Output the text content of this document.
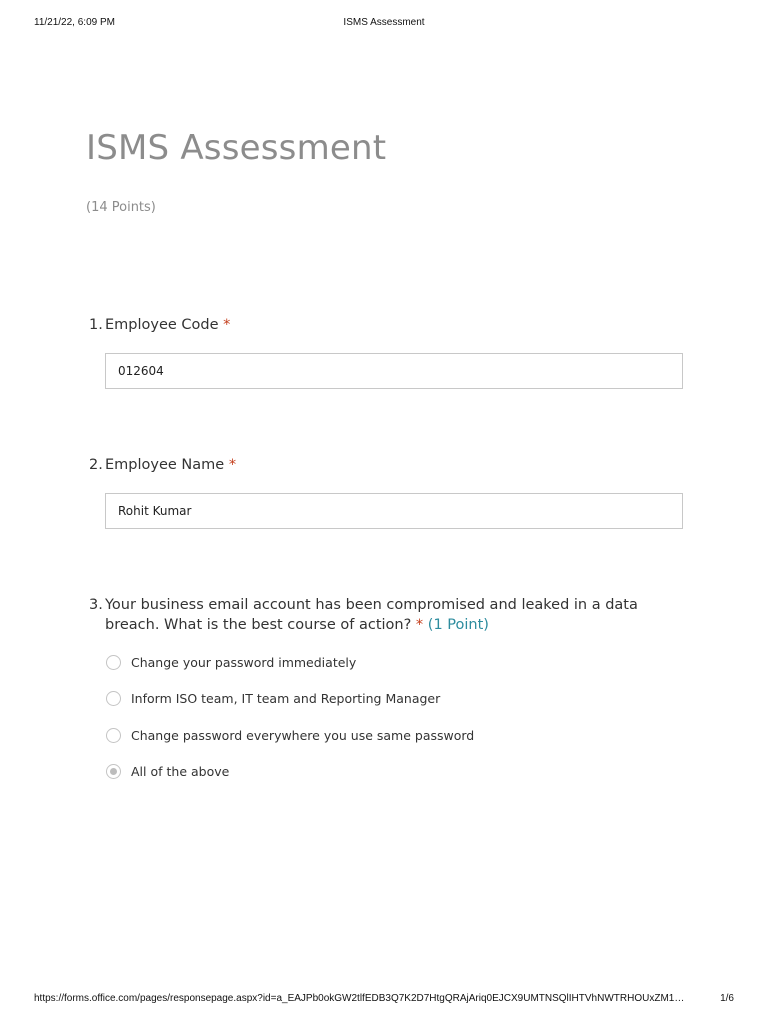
11/21/22, 6:09 PM	ISMS Assessment
ISMS Assessment
(14 Points)
1. Employee Code *
012604
2. Employee Name *
Rohit Kumar
3. Your business email account has been compromised and leaked in a data breach. What is the best course of action? * (1 Point)
Change your password immediately
Inform ISO team, IT team and Reporting Manager
Change password everywhere you use same password
All of the above
https://forms.office.com/pages/responsepage.aspx?id=a_EAJPb0okGW2tlfEDB3Q7K2D7HtgQRAjAriq0EJCX9UMTNSQlIHTVhNWTRHOUxZM1…	1/6
